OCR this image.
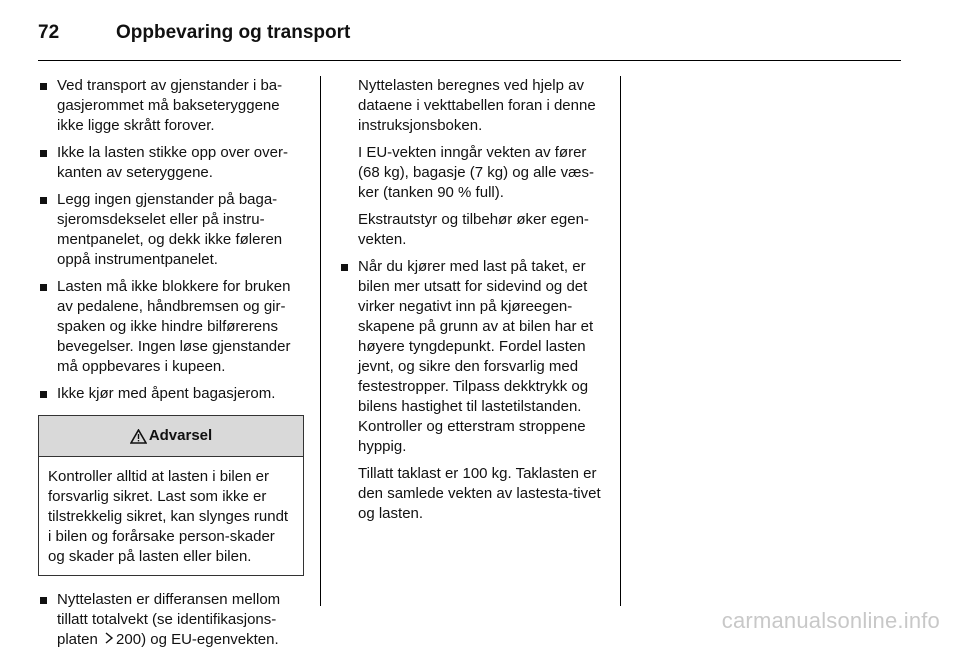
72	Oppbevaring og transport
Ved transport av gjenstander i ba-gasjerommet må bakseteryggene ikke ligge skrått forover.
Ikke la lasten stikke opp over over-kanten av seteryggene.
Legg ingen gjenstander på baga-sjeromsdekselet eller på instru-mentpanelet, og dekk ikke føleren oppå instrumentpanelet.
Lasten må ikke blokkere for bruken av pedalene, håndbremsen og gir-spaken og ikke hindre bilførerens bevegelser. Ingen løse gjenstander må oppbevares i kupeen.
Ikke kjør med åpent bagasjerom.
Advarsel
Kontroller alltid at lasten i bilen er forsvarlig sikret. Last som ikke er tilstrekkelig sikret, kan slynges rundt i bilen og forårsake person-skader og skader på lasten eller bilen.
Nyttelasten er differansen mellom tillatt totalvekt (se identifikasjons-platen 200) og EU-egenvekten.

Nyttelasten beregnes ved hjelp av dataene i vekttabellen foran i denne instruksjonsboken.

I EU-vekten inngår vekten av fører (68 kg), bagasje (7 kg) og alle væs-ker (tanken 90 % full).

Ekstrautstyr og tilbehør øker egen-vekten.

Når du kjører med last på taket, er bilen mer utsatt for sidevind og det virker negativt inn på kjøreegen-skapene på grunn av at bilen har et høyere tyngdepunkt. Fordel lasten jevnt, og sikre den forsvarlig med festestropper. Tilpass dekktrykk og bilens hastighet til lastetilstanden. Kontroller og etterstram stroppene hyppig.
Tillatt taklast er 100 kg. Taklasten er den samlede vekten av lastesta-tivet og lasten.
carmanualsonline.info
